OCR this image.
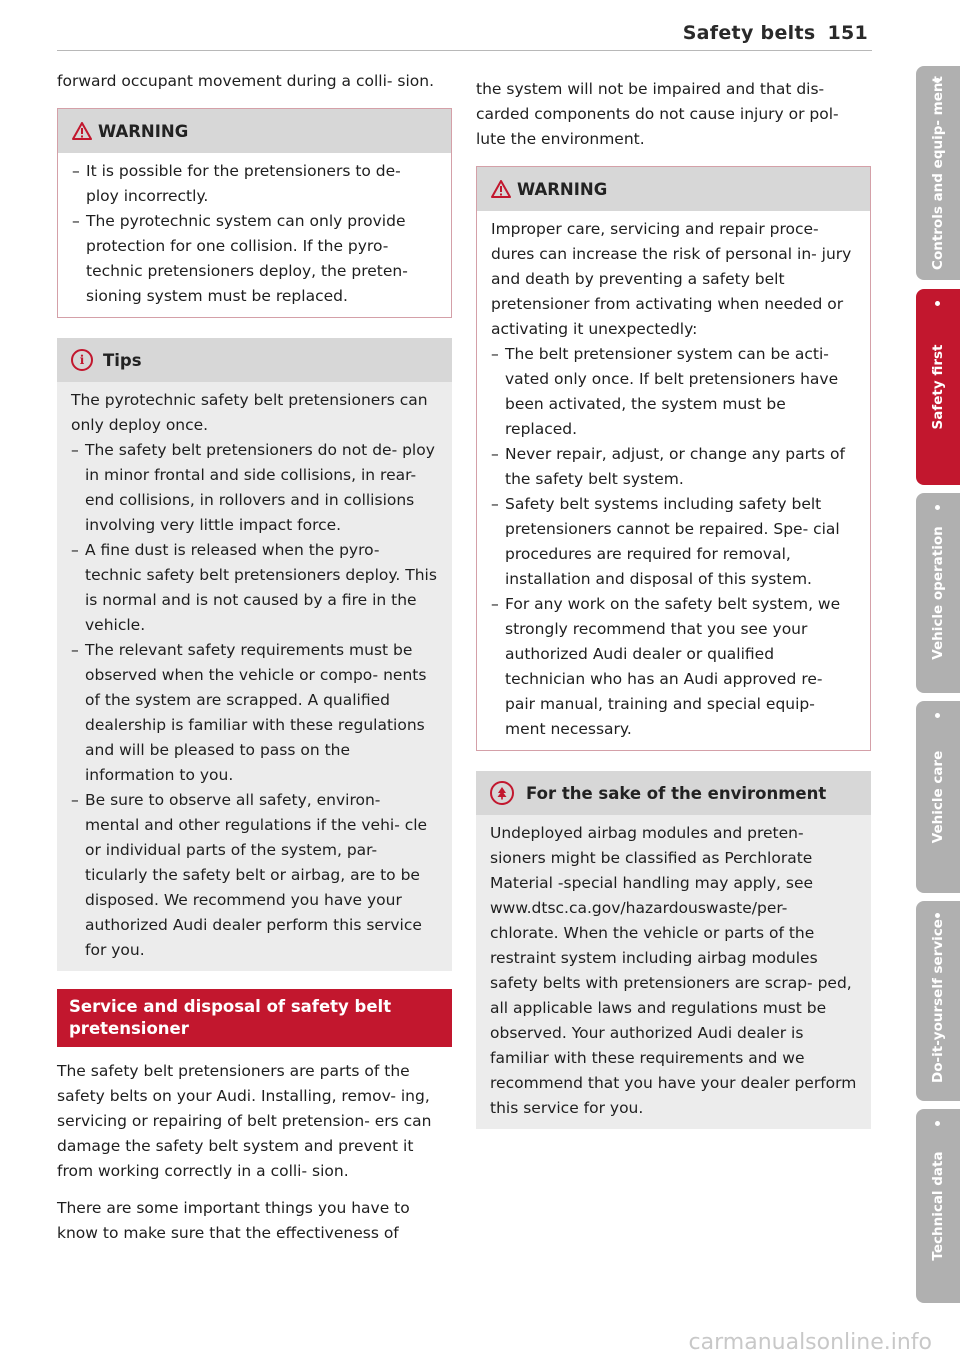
Safety belts 151

forward occupant movement during a colli- sion.

WARNING
– It is possible for the pretensioners to de- ploy incorrectly.
– The pyrotechnic system can only provide protection for one collision. If the pyro- technic pretensioners deploy, the preten- sioning system must be replaced.
i	Tips
The pyrotechnic safety belt pretensioners can only deploy once.
– The safety belt pretensioners do not de- ploy in minor frontal and side collisions, in rear-end collisions, in rollovers and in collisions involving very little impact force.
– A fine dust is released when the pyro- technic safety belt pretensioners deploy. This is normal and is not caused by a fire in the vehicle.
– The relevant safety requirements must be observed when the vehicle or compo- nents of the system are scrapped. A qualified dealership is familiar with these regulations and will be pleased to pass on the information to you.
– Be sure to observe all safety, environ- mental and other regulations if the vehi- cle or individual parts of the system, par- ticularly the safety belt or airbag, are to be disposed. We recommend you have your authorized Audi dealer perform this service for you.
Service and disposal of safety belt pretensioner

The safety belt pretensioners are parts of the safety belts on your Audi. Installing, remov- ing, servicing or repairing of belt pretension- ers can damage the safety belt system and prevent it from working correctly in a colli- sion.

There are some important things you have to know to make sure that the effectiveness of

the system will not be impaired and that dis- carded components do not cause injury or pol- lute the environment.

WARNING
Improper care, servicing and repair proce- dures can increase the risk of personal in- jury and death by preventing a safety belt pretensioner from activating when needed or activating it unexpectedly:
– The belt pretensioner system can be acti- vated only once. If belt pretensioners have been activated, the system must be replaced.
– Never repair, adjust, or change any parts of the safety belt system.
– Safety belt systems including safety belt pretensioners cannot be repaired. Spe- cial procedures are required for removal, installation and disposal of this system.
– For any work on the safety belt system, we strongly recommend that you see your authorized Audi dealer or qualified technician who has an Audi approved re- pair manual, training and special equip- ment necessary.
For the sake of the environment
Undeployed airbag modules and preten- sioners might be classified as Perchlorate Material -special handling may apply, see www.dtsc.ca.gov/hazardouswaste/per- chlorate. When the vehicle or parts of the restraint system including airbag modules safety belts with pretensioners are scrap- ped, all applicable laws and regulations must be observed. Your authorized Audi dealer is familiar with these requirements and we recommend that you have your dealer perform this service for you.
Controls and equip- ment
Safety first
Vehicle operation
Vehicle care
Do-it-yourself service
Technical data
carmanualsonline.info
